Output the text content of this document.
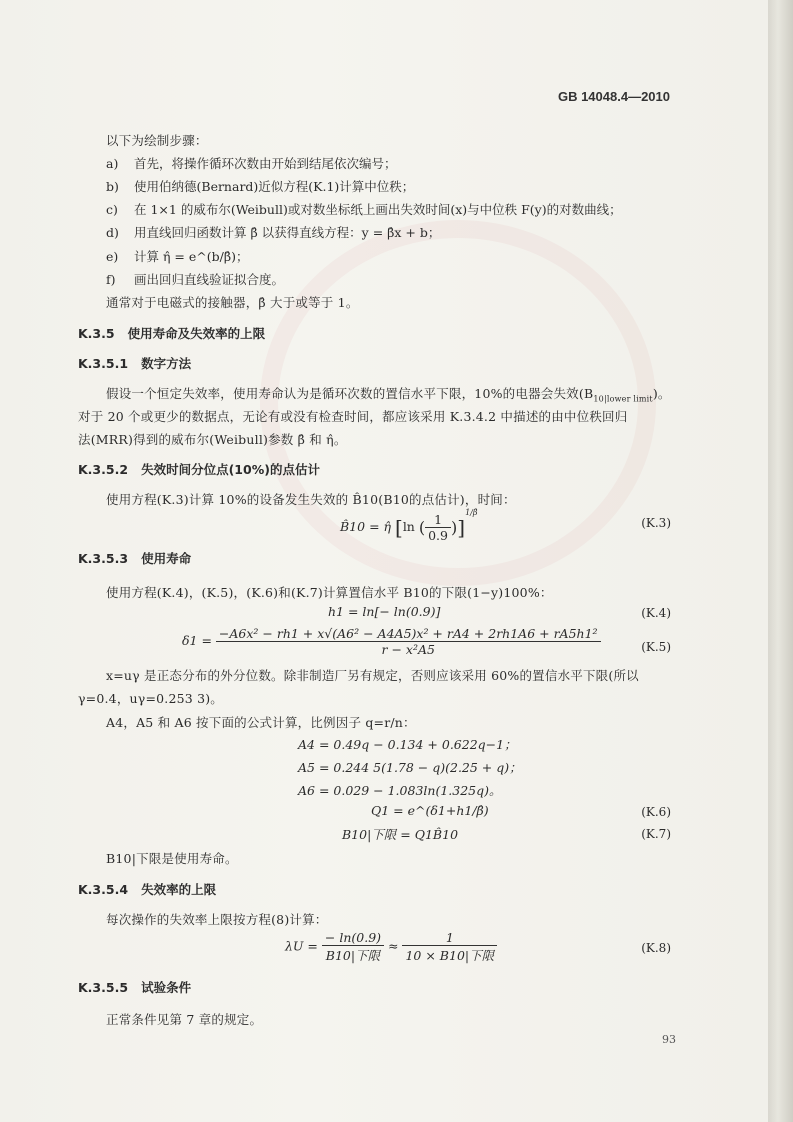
GB 14048.4—2010
以下为绘制步骤：
a) 首先，将操作循环次数由开始到结尾依次编号；
b) 使用伯纳德(Bernard)近似方程(K.1)计算中位秩；
c) 在 1×1 的威布尔(Weibull)或对数坐标纸上画出失效时间(x)与中位秩 F(y)的对数曲线；
d) 用直线回归函数计算 β̂ 以获得直线方程：y = β̂x + b；
e) 计算 η̂ = e^(b/β̂)；
f) 画出回归直线验证拟合度。
通常对于电磁式的接触器，β̂ 大于或等于 1。
K.3.5 使用寿命及失效率的上限
K.3.5.1 数字方法
假设一个恒定失效率，使用寿命认为是循环次数的置信水平下限，10%的电器会失效$(B_{10|lower limit})$。
对于 20 个或更少的数据点，无论有或没有检查时间，都应该采用 K.3.4.2 中描述的由中位秩回归
法(MRR)得到的威布尔(Weibull)参数 β̂ 和 η̂。
K.3.5.2 失效时间分位点(10%)的点估计
使用方程(K.3)计算 10%的设备发生失效的 B̂10(B10的点估计)，时间：
B̂10 = η̂ [ln ( $\frac{1}{0.9} )]^{1/\betâ}$
(K.3)
K.3.5.3 使用寿命
使用方程(K.4)，(K.5)，(K.6)和(K.7)计算置信水平 B10的下限(1−y)100%：
h1 = ln[− ln(0.9)]	(K.4)
$\delta 1 = \frac{\text{−A6x² − rh1 + x√(A6² − A4A5)x² + rA4 + 2rh1A6 + rA5h1²}}{\text{r − x²A5}}$	(K.5)
x=uγ 是正态分布的外分位数。除非制造厂另有规定，否则应该采用 60%的置信水平下限(所以
γ=0.4，uγ=0.253 3)。
A4，A5 和 A6 按下面的公式计算，比例因子 q=r/n：
A4 = 0.49q − 0.134 + 0.622q−1；
A5 = 0.244 5(1.78 − q)(2.25 + q)；
A6 = 0.029 − 1.083ln(1.325q)。
Q1 = e^(δ1+h1/β̂)	(K.6)
B10|下限 = Q1B̂10	(K.7)
B10|下限是使用寿命。
K.3.5.4 失效率的上限
每次操作的失效率上限按方程(8)计算：
$\lambda U = \frac{- \ln(0.9)}{\text{B10|下限}} \approx \frac{1}{\text{10 × B10|下限}}$	(K.8)
K.3.5.5 试验条件
正常条件见第 7 章的规定。
93
